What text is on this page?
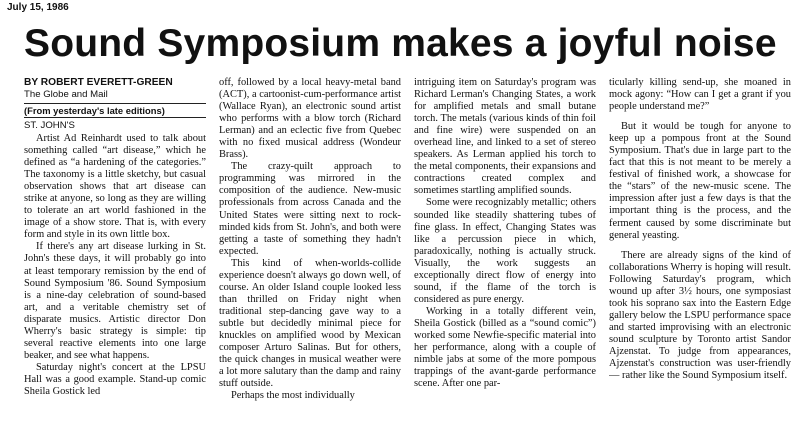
July 15, 1986
Sound Symposium makes a joyful noise

BY ROBERT EVERETT-GREEN

The Globe and Mail

(From yesterday's late editions)

ST. JOHN'S

Artist Ad Reinhardt used to talk about something called “art disease,” which he defined as “a hardening of the categories.” The taxonomy is a little sketchy, but casual observation shows that art disease can strike at anyone, so long as they are willing to tolerate an art world fashioned in the image of a show store. That is, with every form and style in its own little box.

If there's any art disease lurking in St. John's these days, it will probably go into at least temporary remission by the end of Sound Symposium '86. Sound Symposium is a nine-day celebration of sound-based art, and a veritable chemistry set of disparate musics. Artistic director Don Wherry's basic strategy is simple: tip several reactive elements into one large beaker, and see what happens.

Saturday night's concert at the LPSU Hall was a good example. Stand-up comic Sheila Gostick led

off, followed by a local heavy-metal band (ACT), a cartoonist-cum-performance artist (Wallace Ryan), an electronic sound artist who performs with a blow torch (Richard Lerman) and an eclectic five from Quebec with no fixed musical address (Wondeur Brass).

The crazy-quilt approach to programming was mirrored in the composition of the audience. New-music professionals from across Canada and the United States were sitting next to rock-minded kids from St. John's, and both were getting a taste of something they hadn't expected.

This kind of when-worlds-collide experience doesn't always go down well, of course. An older Island couple looked less than thrilled on Friday night when traditional step-dancing gave way to a subtle but decidedly minimal piece for knuckles on amplified wood by Mexican composer Arturo Salinas. But for others, the quick changes in musical weather were a lot more salutary than the damp and rainy stuff outside.

Perhaps the most individually

intriguing item on Saturday's program was Richard Lerman's Changing States, a work for amplified metals and small butane torch. The metals (various kinds of thin foil and fine wire) were suspended on an overhead line, and linked to a set of stereo speakers. As Lerman applied his torch to the metal components, their expansions and contractions created complex and sometimes startling amplified sounds.

Some were recognizably metallic; others sounded like steadily shattering tubes of fine glass. In effect, Changing States was like a percussion piece in which, paradoxically, nothing is actually struck. Visually, the work suggests an exceptionally direct flow of energy into sound, if the flame of the torch is considered as pure energy.

Working in a totally different vein, Sheila Gostick (billed as a “sound comic”) worked some Newfie-specific material into her performance, along with a couple of nimble jabs at some of the more pompous trappings of the avant-garde performance scene. After one par-

ticularly killing send-up, she moaned in mock agony: “How can I get a grant if you people understand me?”

But it would be tough for anyone to keep up a pompous front at the Sound Symposium. That's due in large part to the fact that this is not meant to be merely a festival of finished work, a showcase for the “stars” of the new-music scene. The impression after just a few days is that the important thing is the process, and the ferment caused by some discriminate but general yeasting.

There are already signs of the kind of collaborations Wherry is hoping will result. Following Saturday's program, which wound up after 3½ hours, one symposiast took his soprano sax into the Eastern Edge gallery below the LSPU performance space and started improvising with an electronic sound sculpture by Toronto artist Sandor Ajzenstat. To judge from appearances, Ajzenstat's construction was user-friendly — rather like the Sound Symposium itself.
